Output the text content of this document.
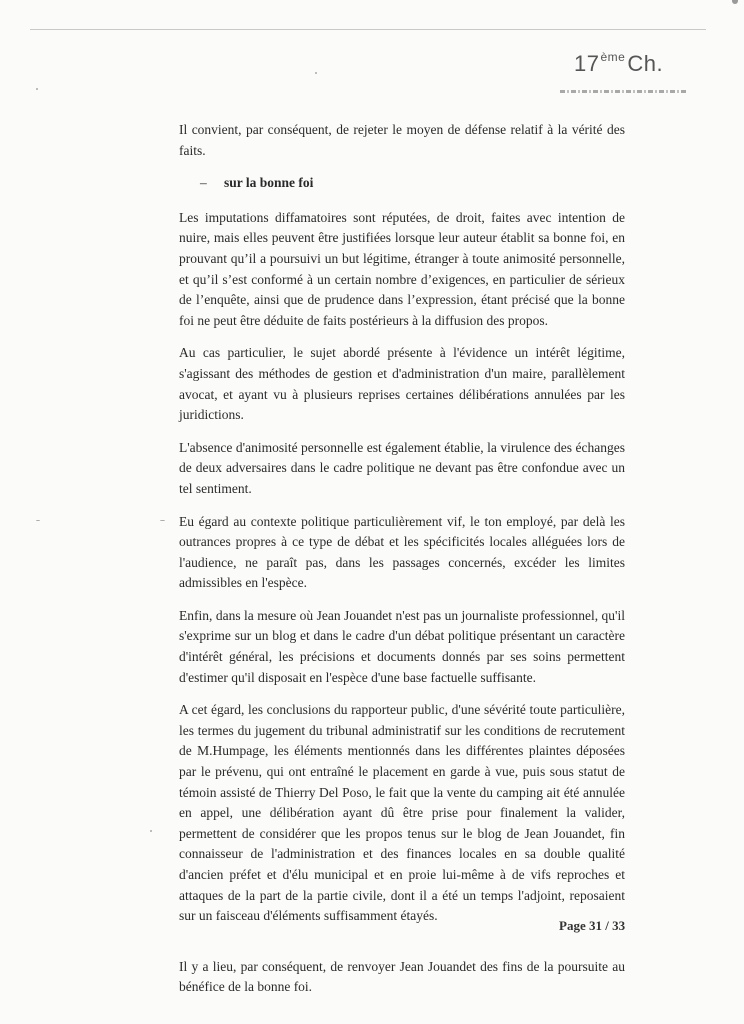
17èmeCh.

Il convient, par conséquent, de rejeter le moyen de défense relatif à la vérité des faits.

– sur la bonne foi

Les imputations diffamatoires sont réputées, de droit, faites avec intention de nuire, mais elles peuvent être justifiées lorsque leur auteur établit sa bonne foi, en prouvant qu’il a poursuivi un but légitime, étranger à toute animosité personnelle, et qu’il s’est conformé à un certain nombre d’exigences, en particulier de sérieux de l’enquête, ainsi que de prudence dans l’expression, étant précisé que la bonne foi ne peut être déduite de faits postérieurs à la diffusion des propos.

Au cas particulier, le sujet abordé présente à l'évidence un intérêt légitime, s'agissant des méthodes de gestion et d'administration d'un maire, parallèlement avocat, et ayant vu à plusieurs reprises certaines délibérations annulées par les juridictions.

L'absence d'animosité personnelle est également établie, la virulence des échanges de deux adversaires dans le cadre politique ne devant pas être confondue avec un tel sentiment.

Eu égard au contexte politique particulièrement vif, le ton employé, par delà les outrances propres à ce type de débat et les spécificités locales alléguées lors de l'audience, ne paraît pas, dans les passages concernés, excéder les limites admissibles en l'espèce.

Enfin, dans la mesure où Jean Jouandet n'est pas un journaliste professionnel, qu'il s'exprime sur un blog et dans le cadre d'un débat politique présentant un caractère d'intérêt général, les précisions et documents donnés par ses soins permettent d'estimer qu'il disposait en l'espèce d'une base factuelle suffisante.

A cet égard, les conclusions du rapporteur public, d'une sévérité toute particulière, les termes du jugement du tribunal administratif sur les conditions de recrutement de M.Humpage, les éléments mentionnés dans les différentes plaintes déposées par le prévenu, qui ont entraîné le placement en garde à vue, puis sous statut de témoin assisté de Thierry Del Poso, le fait que la vente du camping ait été annulée en appel, une délibération ayant dû être prise pour finalement la valider, permettent de considérer que les propos tenus sur le blog de Jean Jouandet, fin connaisseur de l'administration et des finances locales en sa double qualité d'ancien préfet et d'élu municipal et en proie lui-même à de vifs reproches et attaques de la part de la partie civile, dont il a été un temps l'adjoint, reposaient sur un faisceau d'éléments suffisamment étayés.

Il y a lieu, par conséquent, de renvoyer Jean Jouandet des fins de la poursuite au bénéfice de la bonne foi.

Page 31 / 33
